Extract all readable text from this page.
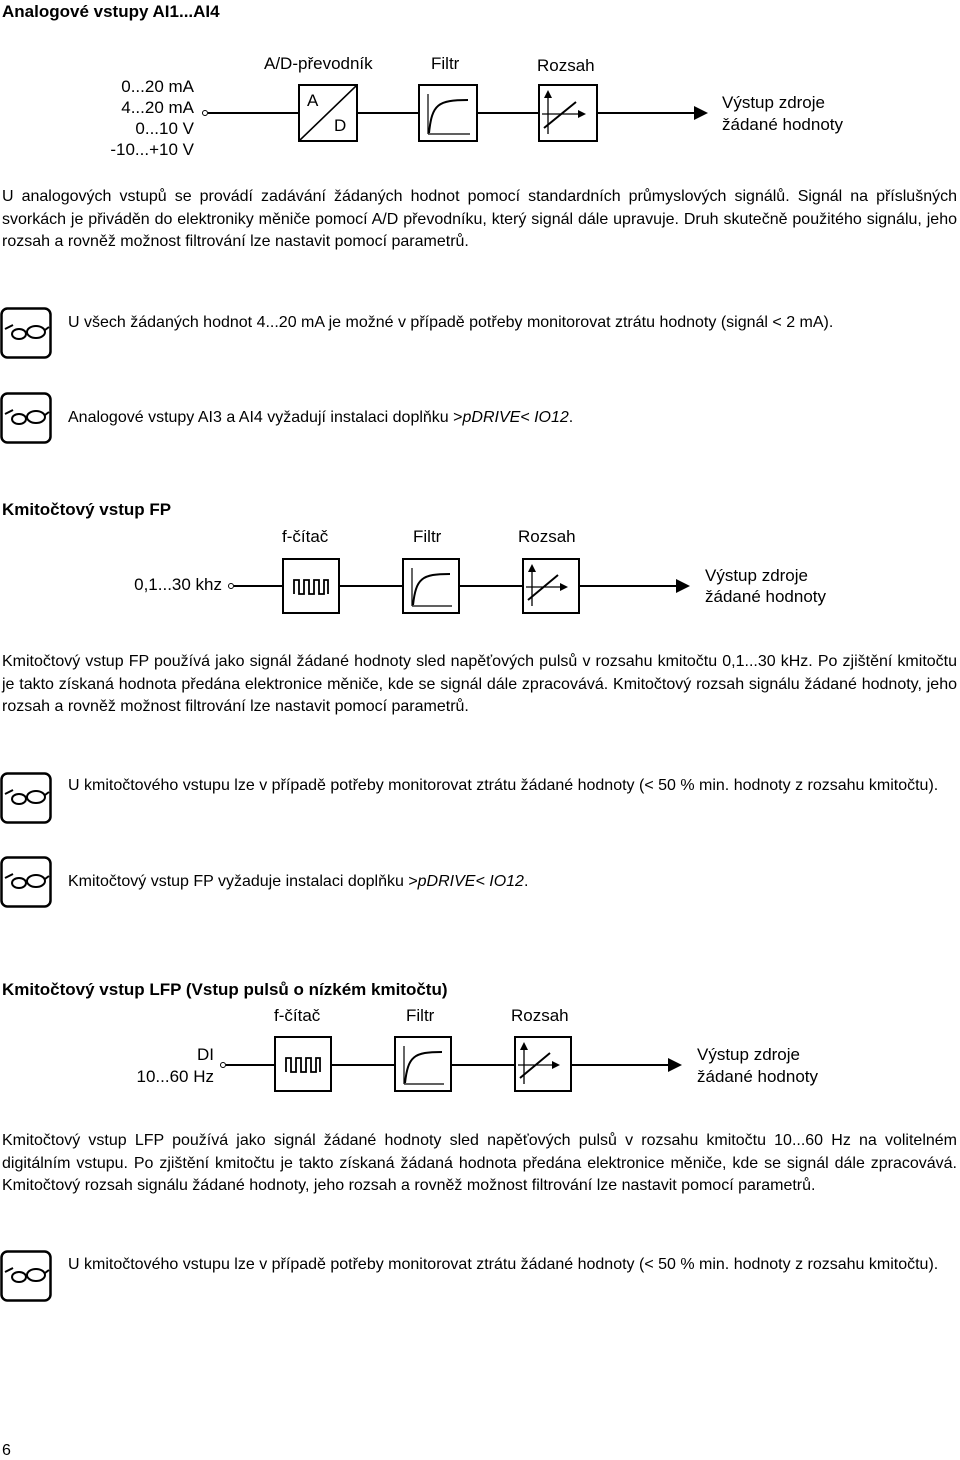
Analogové vstupy AI1...AI4
0...20 mA
4...20 mA
0...10 V
-10...+10 V
A/D-převodník
A
D
Filtr	Rozsah
Výstup zdroje
žádané hodnoty
U analogových vstupů se provádí zadávání žádaných hodnot pomocí standardních průmyslových signálů. Signál na příslušných svorkách je přiváděn do elektroniky měniče pomocí A/D převodníku, který signál dále upravuje. Druh skutečně použitého signálu, jeho rozsah a rovněž možnost filtrování lze nastavit pomocí parametrů.
U všech žádaných hodnot 4...20 mA je možné v případě potřeby monitorovat ztrátu hodnoty (signál < 2 mA).
Analogové vstupy AI3 a AI4 vyžadují instalaci doplňku >pDRIVE< IO12.
Kmitočtový vstup FP
0,1...30 khz
f-čítač	Filtr	Rozsah
Výstup zdroje
žádané hodnoty
Kmitočtový vstup FP používá jako signál žádané hodnoty sled napěťových pulsů v rozsahu kmitočtu 0,1...30 kHz. Po zjištění kmitočtu je takto získaná hodnota předána elektronice měniče, kde se signál dále zpracovává. Kmitočtový rozsah signálu žádané hodnoty, jeho rozsah a rovněž možnost filtrování lze nastavit pomocí parametrů.
U kmitočtového vstupu lze v případě potřeby monitorovat ztrátu žádané hodnoty (< 50 % min. hodnoty z rozsahu kmitočtu).
Kmitočtový vstup FP vyžaduje instalaci doplňku >pDRIVE< IO12.
Kmitočtový vstup LFP (Vstup pulsů o nízkém kmitočtu)
DI
10...60 Hz
f-čítač	Filtr	Rozsah
Výstup zdroje
žádané hodnoty
Kmitočtový vstup LFP používá jako signál žádané hodnoty sled napěťových pulsů v rozsahu kmitočtu 10...60 Hz na volitelném digitálním vstupu. Po zjištění kmitočtu je takto získaná žádaná hodnota předána elektronice měniče, kde se signál dále zpracovává. Kmitočtový rozsah signálu žádané hodnoty, jeho rozsah a rovněž možnost filtrování lze nastavit pomocí parametrů.
U kmitočtového vstupu lze v případě potřeby monitorovat ztrátu žádané hodnoty (< 50 % min. hodnoty z rozsahu kmitočtu).
6
